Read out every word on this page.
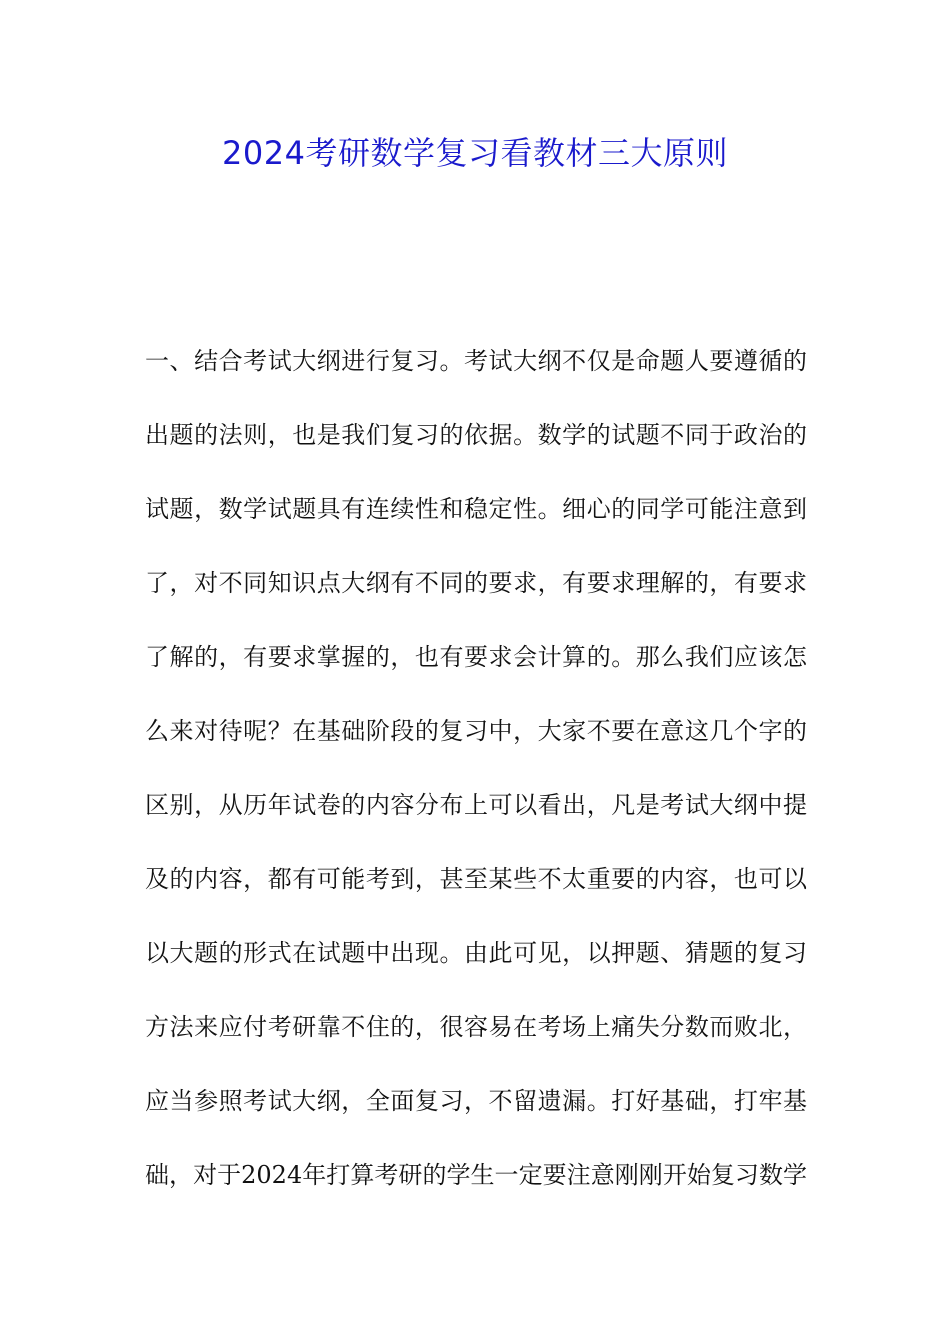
2024考研数学复习看教材三大原则
一、结合考试大纲进行复习。考试大纲不仅是命题人要遵循的
出题的法则，也是我们复习的依据。数学的试题不同于政治的
试题，数学试题具有连续性和稳定性。细心的同学可能注意到
了，对不同知识点大纲有不同的要求，有要求理解的，有要求
了解的，有要求掌握的，也有要求会计算的。那么我们应该怎
么来对待呢？在基础阶段的复习中，大家不要在意这几个字的
区别，从历年试卷的内容分布上可以看出，凡是考试大纲中提
及的内容，都有可能考到，甚至某些不太重要的内容，也可以
以大题的形式在试题中出现。由此可见，以押题、猜题的复习
方法来应付考研靠不住的，很容易在考场上痛失分数而败北，
应当参照考试大纲，全面复习，不留遗漏。打好基础，打牢基
础，对于2024年打算考研的学生一定要注意刚刚开始复习数学
